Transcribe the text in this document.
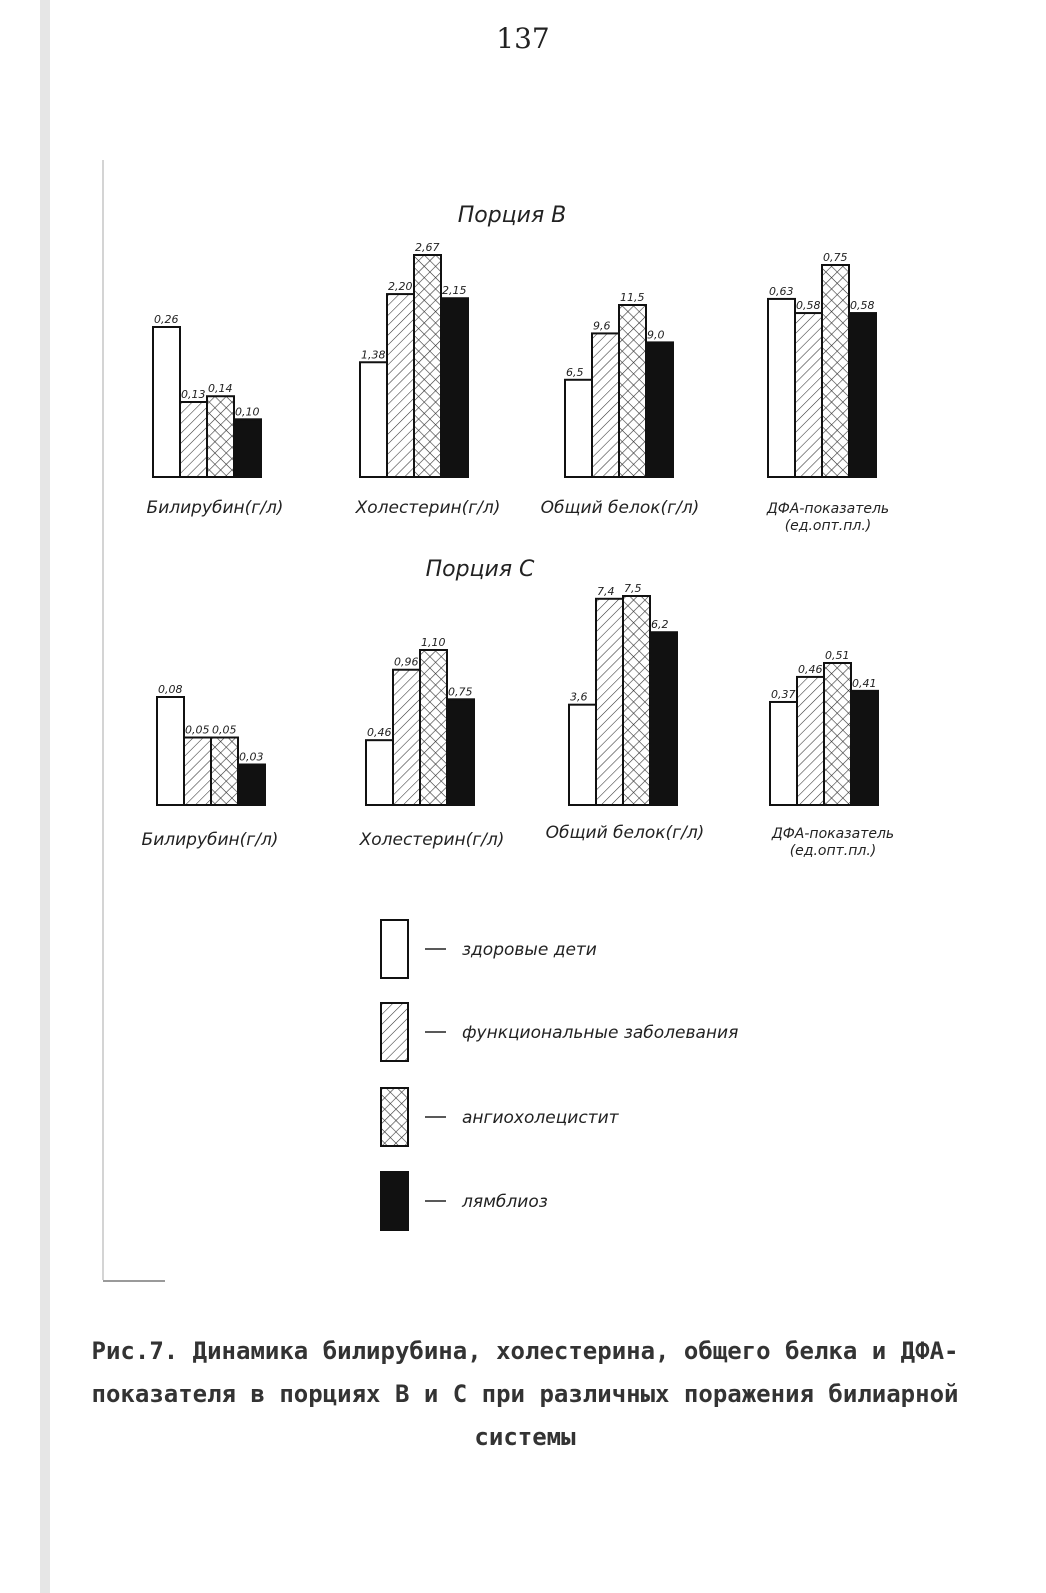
137
Порция В
0,26
0,13 0,14
0,10
Билирубин(г/л)
1,38
2,20
2,67
2,15
Холестерин(г/л)
6,5
9,6
11,5
9,0
Общий белок(г/л)
0,63
0,58
0,75
0,58
ДФА-показатель (ед.опт.пл.)
Порция С
0,08
0,05 0,05
0,03
Билирубин(г/л)
0,46
0,96
1,10
0,75
Холестерин(г/л)
3,6
7,4 7,5
6,2
Общий белок(г/л)
0,37
0,46
0,51
0,41
ДФА-показатель (ед.опт.пл.)
здоровые дети
функциональные заболевания
ангиохолецистит
лямблиоз
Рис.7. Динамика билирубина, холестерина, общего белка и ДФА-показателя в порциях В и С при различных поражения билиарной системы
